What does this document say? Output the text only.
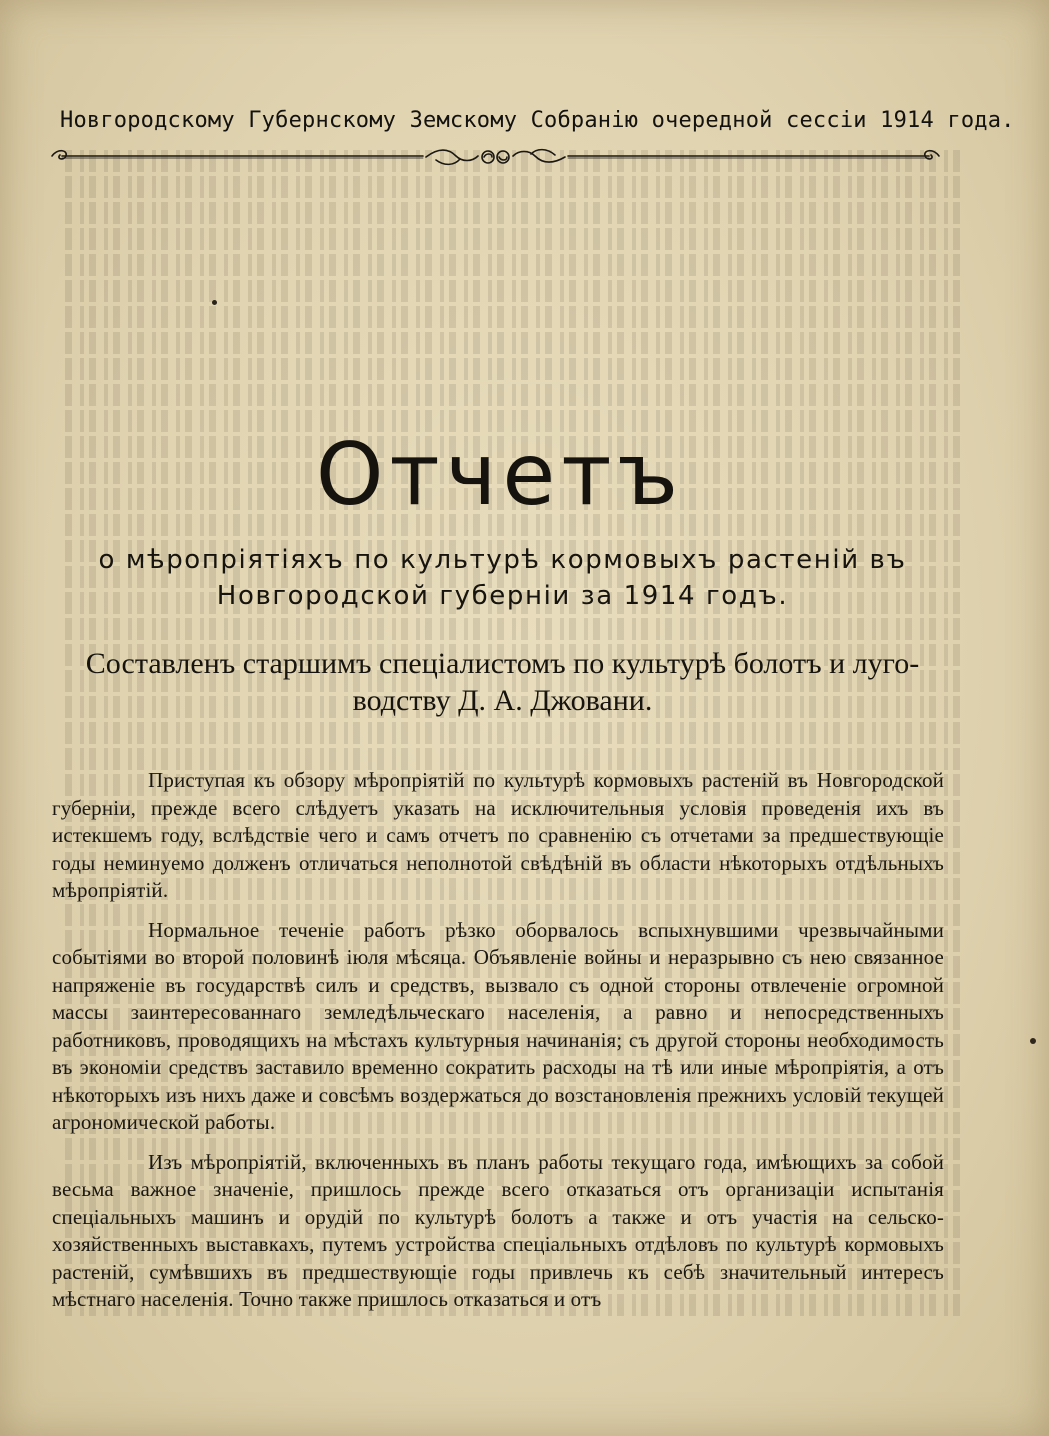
Новгородскому Губернскому Земскому Собранію очередной сессіи 1914 года.
Отчетъ
о мѣропріятіяхъ по культурѣ кормовыхъ растеній въ
Новгородской губерніи за 1914 годъ.
Составленъ старшимъ спеціалистомъ по культурѣ болотъ и луго-
водству Д. А. Джовани.

Приступая къ обзору мѣропріятій по культурѣ кормовыхъ растеній въ Новгородской губерніи, прежде всего слѣдуетъ указать на исключительныя условія проведенія ихъ въ истекшемъ году, вслѣдствіе чего и самъ отчетъ по сравненію съ отчетами за предшествующіе годы неминуемо долженъ отличаться неполнотой свѣдѣній въ области нѣкоторыхъ отдѣльныхъ мѣропріятій.

Нормальное теченіе работъ рѣзко оборвалось вспыхнувшими чрезвычайными событіями во второй половинѣ іюля мѣсяца. Объявленіе войны и неразрывно съ нею связанное напряженіе въ государствѣ силъ и средствъ, вызвало съ одной стороны отвлеченіе огромной массы заинтересованнаго земледѣльческаго населенія, а равно и непосредственныхъ работниковъ, проводящихъ на мѣстахъ культурныя начинанія; съ другой стороны необходимость въ экономіи средствъ заставило временно сократить расходы на тѣ или иные мѣропріятія, а отъ нѣкоторыхъ изъ нихъ даже и совсѣмъ воздержаться до возстановленія прежнихъ условій текущей агрономической работы.

Изъ мѣропріятій, включенныхъ въ планъ работы текущаго года, имѣющихъ за собой весьма важное значеніе, пришлось прежде всего отказаться отъ организаціи испытанія спеціальныхъ машинъ и орудій по культурѣ болотъ а также и отъ участія на сельско-хозяйственныхъ выставкахъ, путемъ устройства спеціальныхъ отдѣловъ по культурѣ кормовыхъ растеній, сумѣвшихъ въ предшествующіе годы привлечь къ себѣ значительный интересъ мѣстнаго населенія. Точно также пришлось отказаться и отъ
